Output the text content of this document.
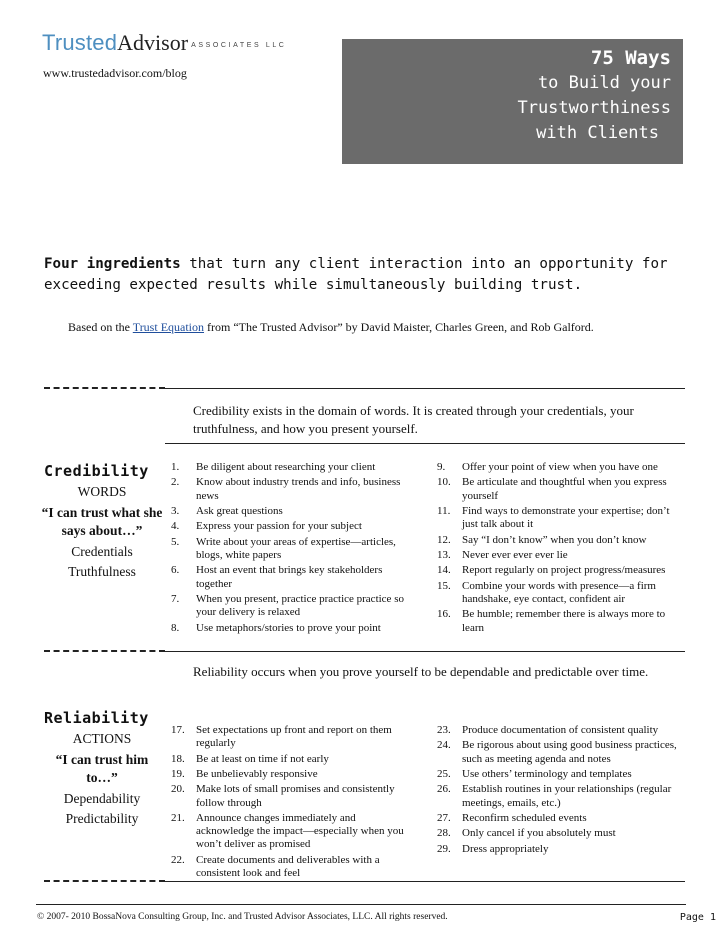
TrustedAdvisor ASSOCIATES LLC
www.trustedadvisor.com/blog
75 Ways
to Build your
Trustworthiness
with Clients
Four ingredients that turn any client interaction into an opportunity for exceeding expected results while simultaneously building trust.
Based on the Trust Equation from “The Trusted Advisor” by David Maister, Charles Green, and Rob Galford.
Credibility exists in the domain of words. It is created through your credentials, your truthfulness, and how you present yourself.
Credibility
WORDS
“I can trust what she says about…”
Credentials
Truthfulness
1.	Be diligent about researching your client
2.	Know about industry trends and info, business news
3.	Ask great questions
4.	Express your passion for your subject
5.	Write about your areas of expertise—articles, blogs, white papers
6.	Host an event that brings key stakeholders together
7.	When you present, practice practice practice so your delivery is relaxed
8.	Use metaphors/stories to prove your point
9.	Offer your point of view when you have one
10.	Be articulate and thoughtful when you express yourself
11.	Find ways to demonstrate your expertise; don’t just talk about it
12.	Say “I don’t know” when you don’t know
13.	Never ever ever ever lie
14.	Report regularly on project progress/measures
15.	Combine your words with presence—a firm handshake, eye contact, confident air
16.	Be humble; remember there is always more to learn
Reliability occurs when you prove yourself to be dependable and predictable over time.
Reliability
ACTIONS
“I can trust him to…”
Dependability
Predictability
17.	Set expectations up front and report on them regularly
18.	Be at least on time if not early
19.	Be unbelievably responsive
20.	Make lots of small promises and consistently follow through
21.	Announce changes immediately and acknowledge the impact—especially when you won’t deliver as promised
22.	Create documents and deliverables with a consistent look and feel
23.	Produce documentation of consistent quality
24.	Be rigorous about using good business practices, such as meeting agenda and notes
25.	Use others’ terminology and templates
26.	Establish routines in your relationships (regular meetings, emails, etc.)
27.	Reconfirm scheduled events
28.	Only cancel if you absolutely must
29.	Dress appropriately
© 2007- 2010 BossaNova Consulting Group, Inc. and Trusted Advisor Associates, LLC. All rights reserved.	Page 1
